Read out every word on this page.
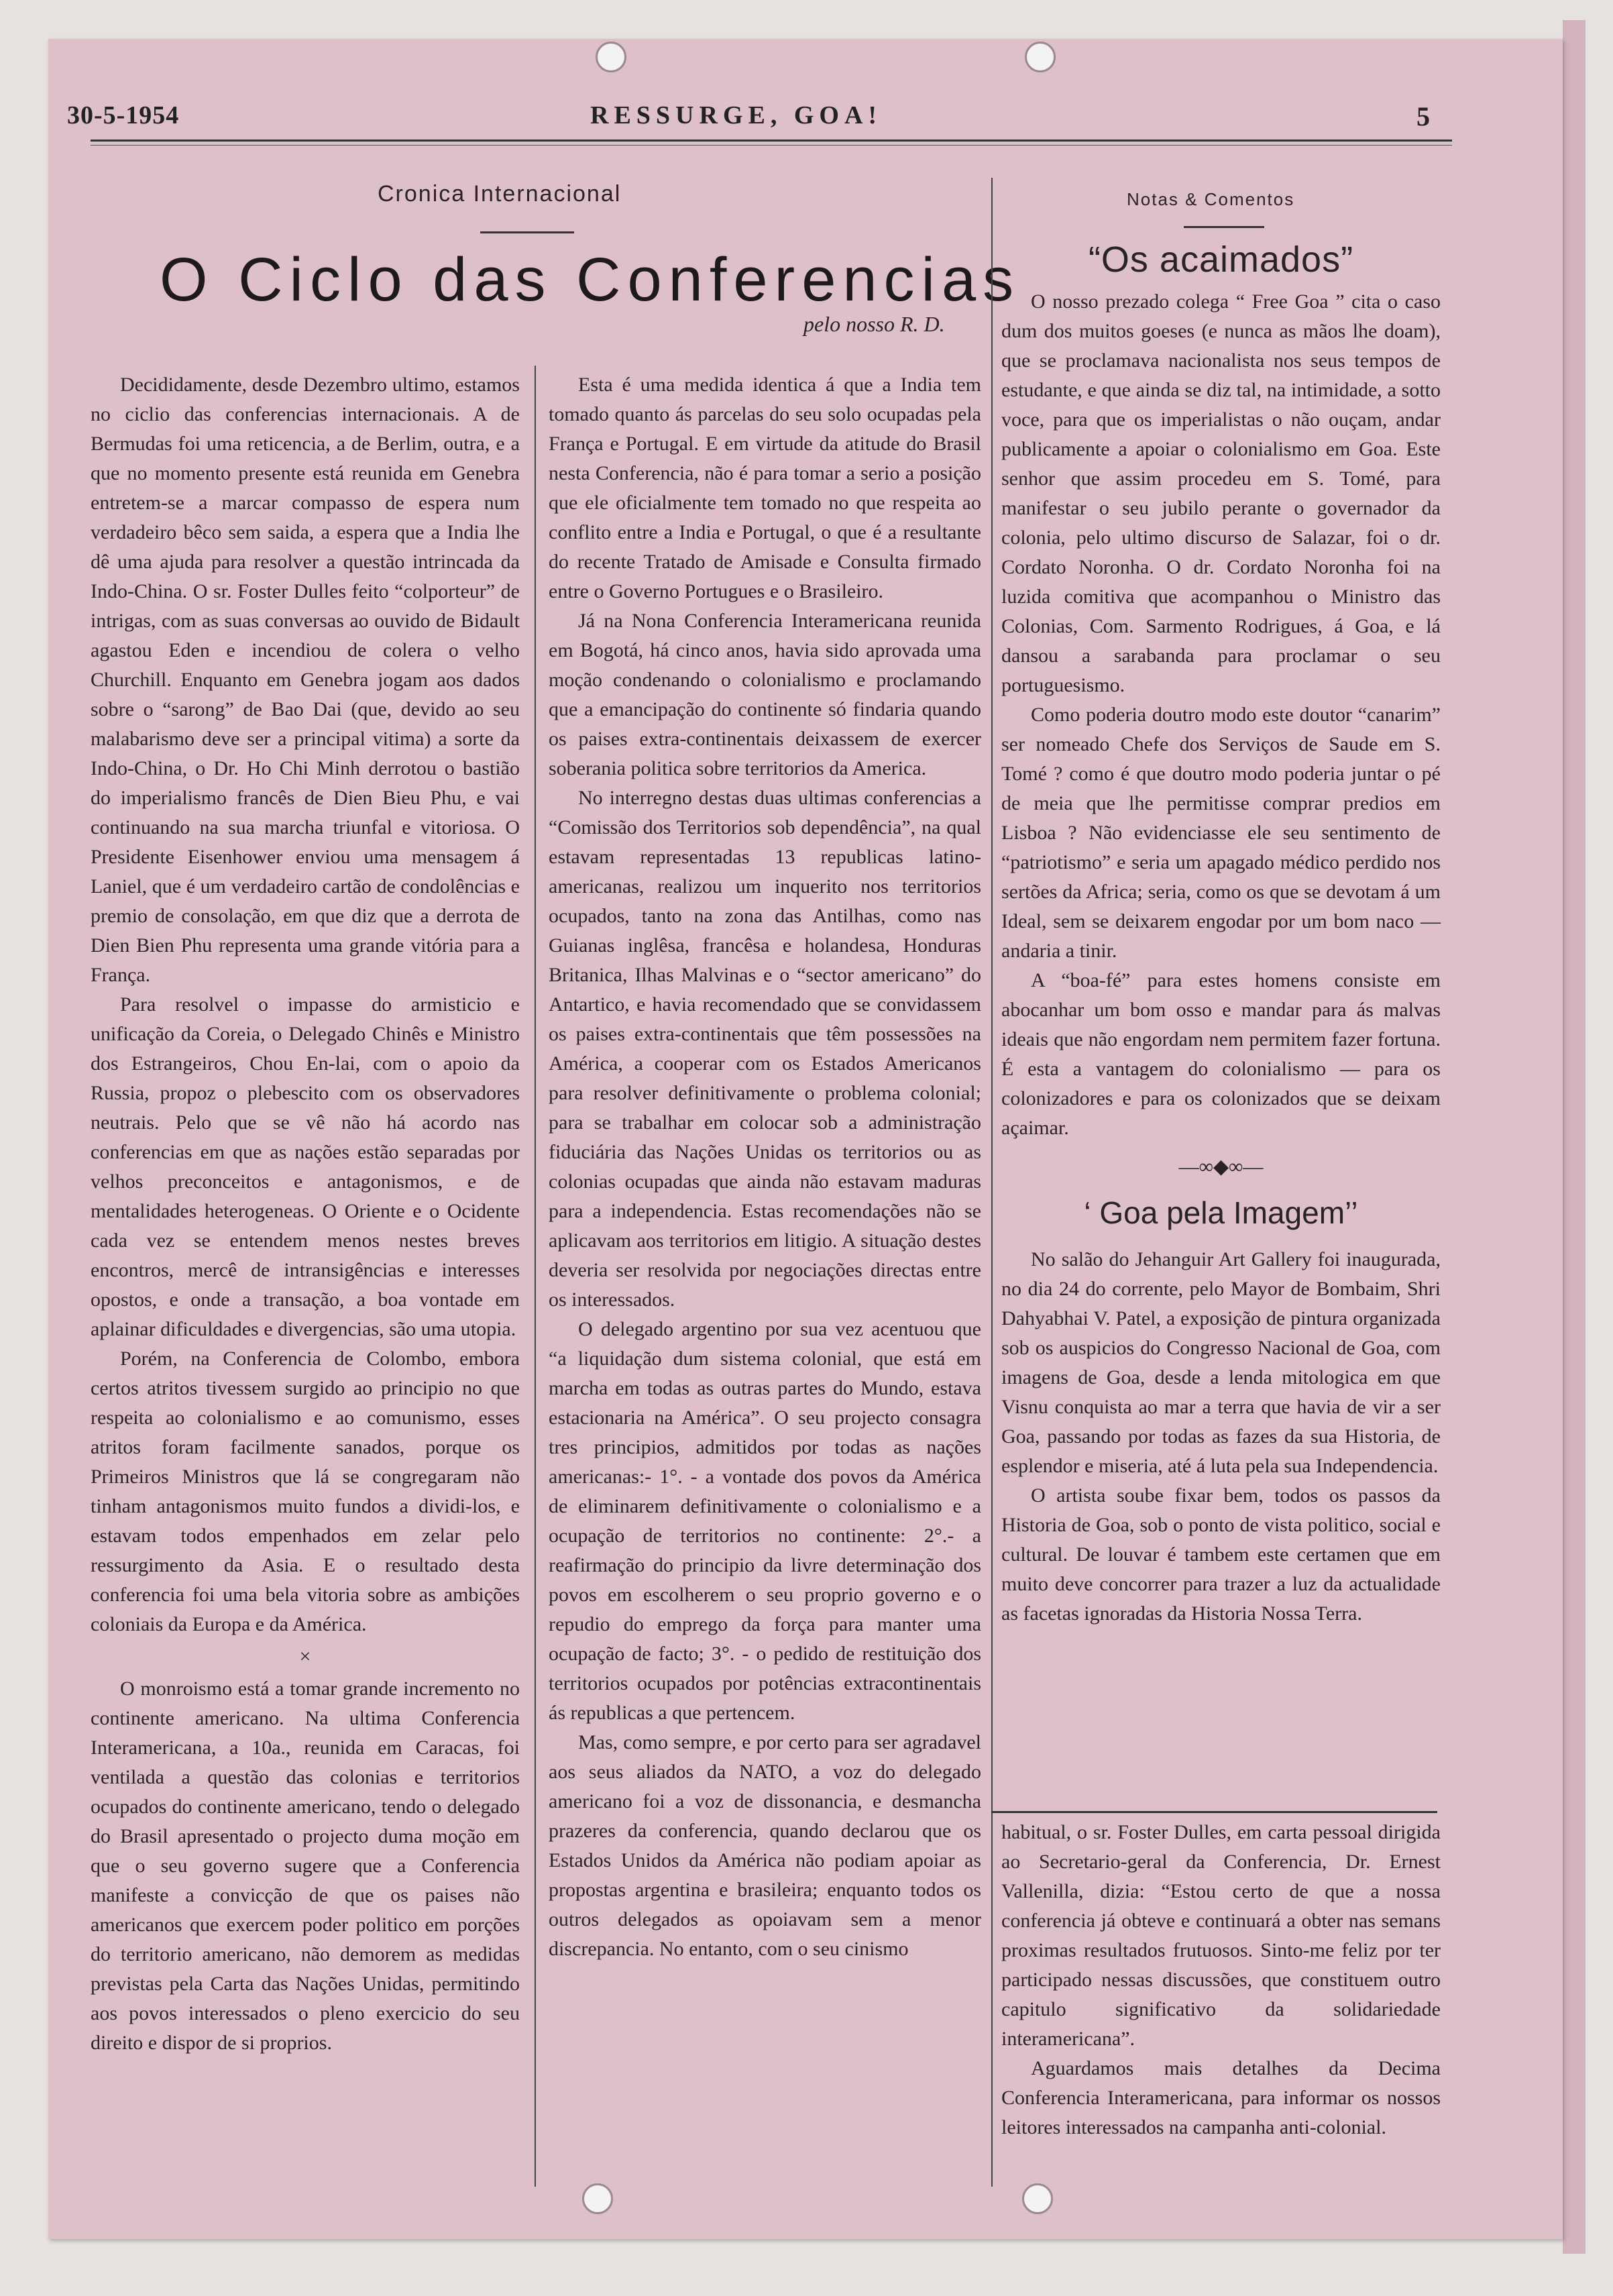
30-5-1954	RESSURGE, GOA!	5
Cronica Internacional
O Ciclo das Conferencias
pelo nosso R. D.

Decididamente, desde Dezembro ultimo, estamos no ciclio das conferencias internacionais. A de Bermudas foi uma reticencia, a de Berlim, outra, e a que no momento presente está reunida em Genebra entretem-se a marcar compasso de espera num verdadeiro bêco sem saida, a espera que a India lhe dê uma ajuda para resolver a questão intrincada da Indo-China. O sr. Foster Dulles feito “colporteur” de intrigas, com as suas conversas ao ouvido de Bidault agastou Eden e incendiou de colera o velho Churchill. Enquanto em Genebra jogam aos dados sobre o “sarong” de Bao Dai (que, devido ao seu malabarismo deve ser a principal vitima) a sorte da Indo-China, o Dr. Ho Chi Minh derrotou o bastião do imperialismo francês de Dien Bieu Phu, e vai continuando na sua marcha triunfal e vitoriosa. O Presidente Eisenhower enviou uma mensagem á Laniel, que é um verdadeiro cartão de condolências e premio de consolação, em que diz que a derrota de Dien Bien Phu representa uma grande vitória para a França.

Para resolvel o impasse do armisticio e unificação da Coreia, o Delegado Chinês e Ministro dos Estrangeiros, Chou En-lai, com o apoio da Russia, propoz o plebescito com os observadores neutrais. Pelo que se vê não há acordo nas conferencias em que as nações estão separadas por velhos preconceitos e antagonismos, e de mentalidades heterogeneas. O Oriente e o Ocidente cada vez se entendem menos nestes breves encontros, mercê de intransigências e interesses opostos, e onde a transação, a boa vontade em aplainar dificuldades e divergencias, são uma utopia.

Porém, na Conferencia de Colombo, embora certos atritos tivessem surgido ao principio no que respeita ao colonialismo e ao comunismo, esses atritos foram facilmente sanados, porque os Primeiros Ministros que lá se congregaram não tinham antagonismos muito fundos a dividi-los, e estavam todos empenhados em zelar pelo ressurgimento da Asia. E o resultado desta conferencia foi uma bela vitoria sobre as ambições coloniais da Europa e da América.

×

O monroismo está a tomar grande incremento no continente americano. Na ultima Conferencia Interamericana, a 10a., reunida em Caracas, foi ventilada a questão das colonias e territorios ocupados do continente americano, tendo o delegado do Brasil apresentado o projecto duma moção em que o seu governo sugere que a Conferencia manifeste a convicção de que os paises não americanos que exercem poder politico em porções do territorio americano, não demorem as medidas previstas pela Carta das Nações Unidas, permitindo aos povos interessados o pleno exercicio do seu direito e dispor de si proprios.

Esta é uma medida identica á que a India tem tomado quanto ás parcelas do seu solo ocupadas pela França e Portugal. E em virtude da atitude do Brasil nesta Conferencia, não é para tomar a serio a posição que ele oficialmente tem tomado no que respeita ao conflito entre a India e Portugal, o que é a resultante do recente Tratado de Amisade e Consulta firmado entre o Governo Portugues e o Brasileiro.

Já na Nona Conferencia Interamericana reunida em Bogotá, há cinco anos, havia sido aprovada uma moção condenando o colonialismo e proclamando que a emancipação do continente só findaria quando os paises extra-continentais deixassem de exercer soberania politica sobre territorios da America.

No interregno destas duas ultimas conferencias a “Comissão dos Territorios sob dependência”, na qual estavam representadas 13 republicas latino-americanas, realizou um inquerito nos territorios ocupados, tanto na zona das Antilhas, como nas Guianas inglêsa, francêsa e holandesa, Honduras Britanica, Ilhas Malvinas e o “sector americano” do Antartico, e havia recomendado que se convidassem os paises extra-continentais que têm possessões na América, a cooperar com os Estados Americanos para resolver definitivamente o problema colonial; para se trabalhar em colocar sob a administração fiduciária das Nações Unidas os territorios ou as colonias ocupadas que ainda não estavam maduras para a independencia. Estas recomendações não se aplicavam aos territorios em litigio. A situação destes deveria ser resolvida por negociações directas entre os interessados.

O delegado argentino por sua vez acentuou que “a liquidação dum sistema colonial, que está em marcha em todas as outras partes do Mundo, estava estacionaria na América”. O seu projecto consagra tres principios, admitidos por todas as nações americanas:- 1°. - a vontade dos povos da América de eliminarem definitivamente o colonialismo e a ocupação de territorios no continente: 2°.- a reafirmação do principio da livre determinação dos povos em escolherem o seu proprio governo e o repudio do emprego da força para manter uma ocupação de facto; 3°. - o pedido de restituição dos territorios ocupados por potências extracontinentais ás republicas a que pertencem.

Mas, como sempre, e por certo para ser agradavel aos seus aliados da NATO, a voz do delegado americano foi a voz de dissonancia, e desmancha prazeres da conferencia, quando declarou que os Estados Unidos da América não podiam apoiar as propostas argentina e brasileira; enquanto todos os outros delegados as opoiavam sem a menor discrepancia. No entanto, com o seu cinismo

Notas & Comentos
“Os acaimados”

O nosso prezado colega “ Free Goa ” cita o caso dum dos muitos goeses (e nunca as mãos lhe doam), que se proclamava nacionalista nos seus tempos de estudante, e que ainda se diz tal, na intimidade, a sotto voce, para que os imperialistas o não ouçam, andar publicamente a apoiar o colonialismo em Goa. Este senhor que assim procedeu em S. Tomé, para manifestar o seu jubilo perante o governador da colonia, pelo ultimo discurso de Salazar, foi o dr. Cordato Noronha. O dr. Cordato Noronha foi na luzida comitiva que acompanhou o Ministro das Colonias, Com. Sarmento Rodrigues, á Goa, e lá dansou a sarabanda para proclamar o seu portuguesismo.

Como poderia doutro modo este doutor “canarim” ser nomeado Chefe dos Serviços de Saude em S. Tomé ? como é que doutro modo poderia juntar o pé de meia que lhe permitisse comprar predios em Lisboa ? Não evidenciasse ele seu sentimento de “patriotismo” e seria um apagado médico perdido nos sertões da Africa; seria, como os que se devotam á um Ideal, sem se deixarem engodar por um bom naco — andaria a tinir.

A “boa-fé” para estes homens consiste em abocanhar um bom osso e mandar para ás malvas ideais que não engordam nem permitem fazer fortuna. É esta a vantagem do colonialismo — para os colonizadores e para os colonizados que se deixam açaimar.

—∞◆∞—

‘ Goa pela Imagem’’

No salão do Jehanguir Art Gallery foi inaugurada, no dia 24 do corrente, pelo Mayor de Bombaim, Shri Dahyabhai V. Patel, a exposição de pintura organizada sob os auspicios do Congresso Nacional de Goa, com imagens de Goa, desde a lenda mitologica em que Visnu conquista ao mar a terra que havia de vir a ser Goa, passando por todas as fazes da sua Historia, de esplendor e miseria, até á luta pela sua Independencia.

O artista soube fixar bem, todos os passos da Historia de Goa, sob o ponto de vista politico, social e cultural. De louvar é tambem este certamen que em muito deve concorrer para trazer a luz da actualidade as facetas ignoradas da Historia Nossa Terra.

habitual, o sr. Foster Dulles, em carta pessoal dirigida ao Secretario-geral da Conferencia, Dr. Ernest Vallenilla, dizia: “Estou certo de que a nossa conferencia já obteve e continuará a obter nas semans proximas resultados frutuosos. Sinto-me feliz por ter participado nessas discussões, que constituem outro capitulo significativo da solidariedade interamericana”.

Aguardamos mais detalhes da Decima Conferencia Interamericana, para informar os nossos leitores interessados na campanha anti-colonial.
